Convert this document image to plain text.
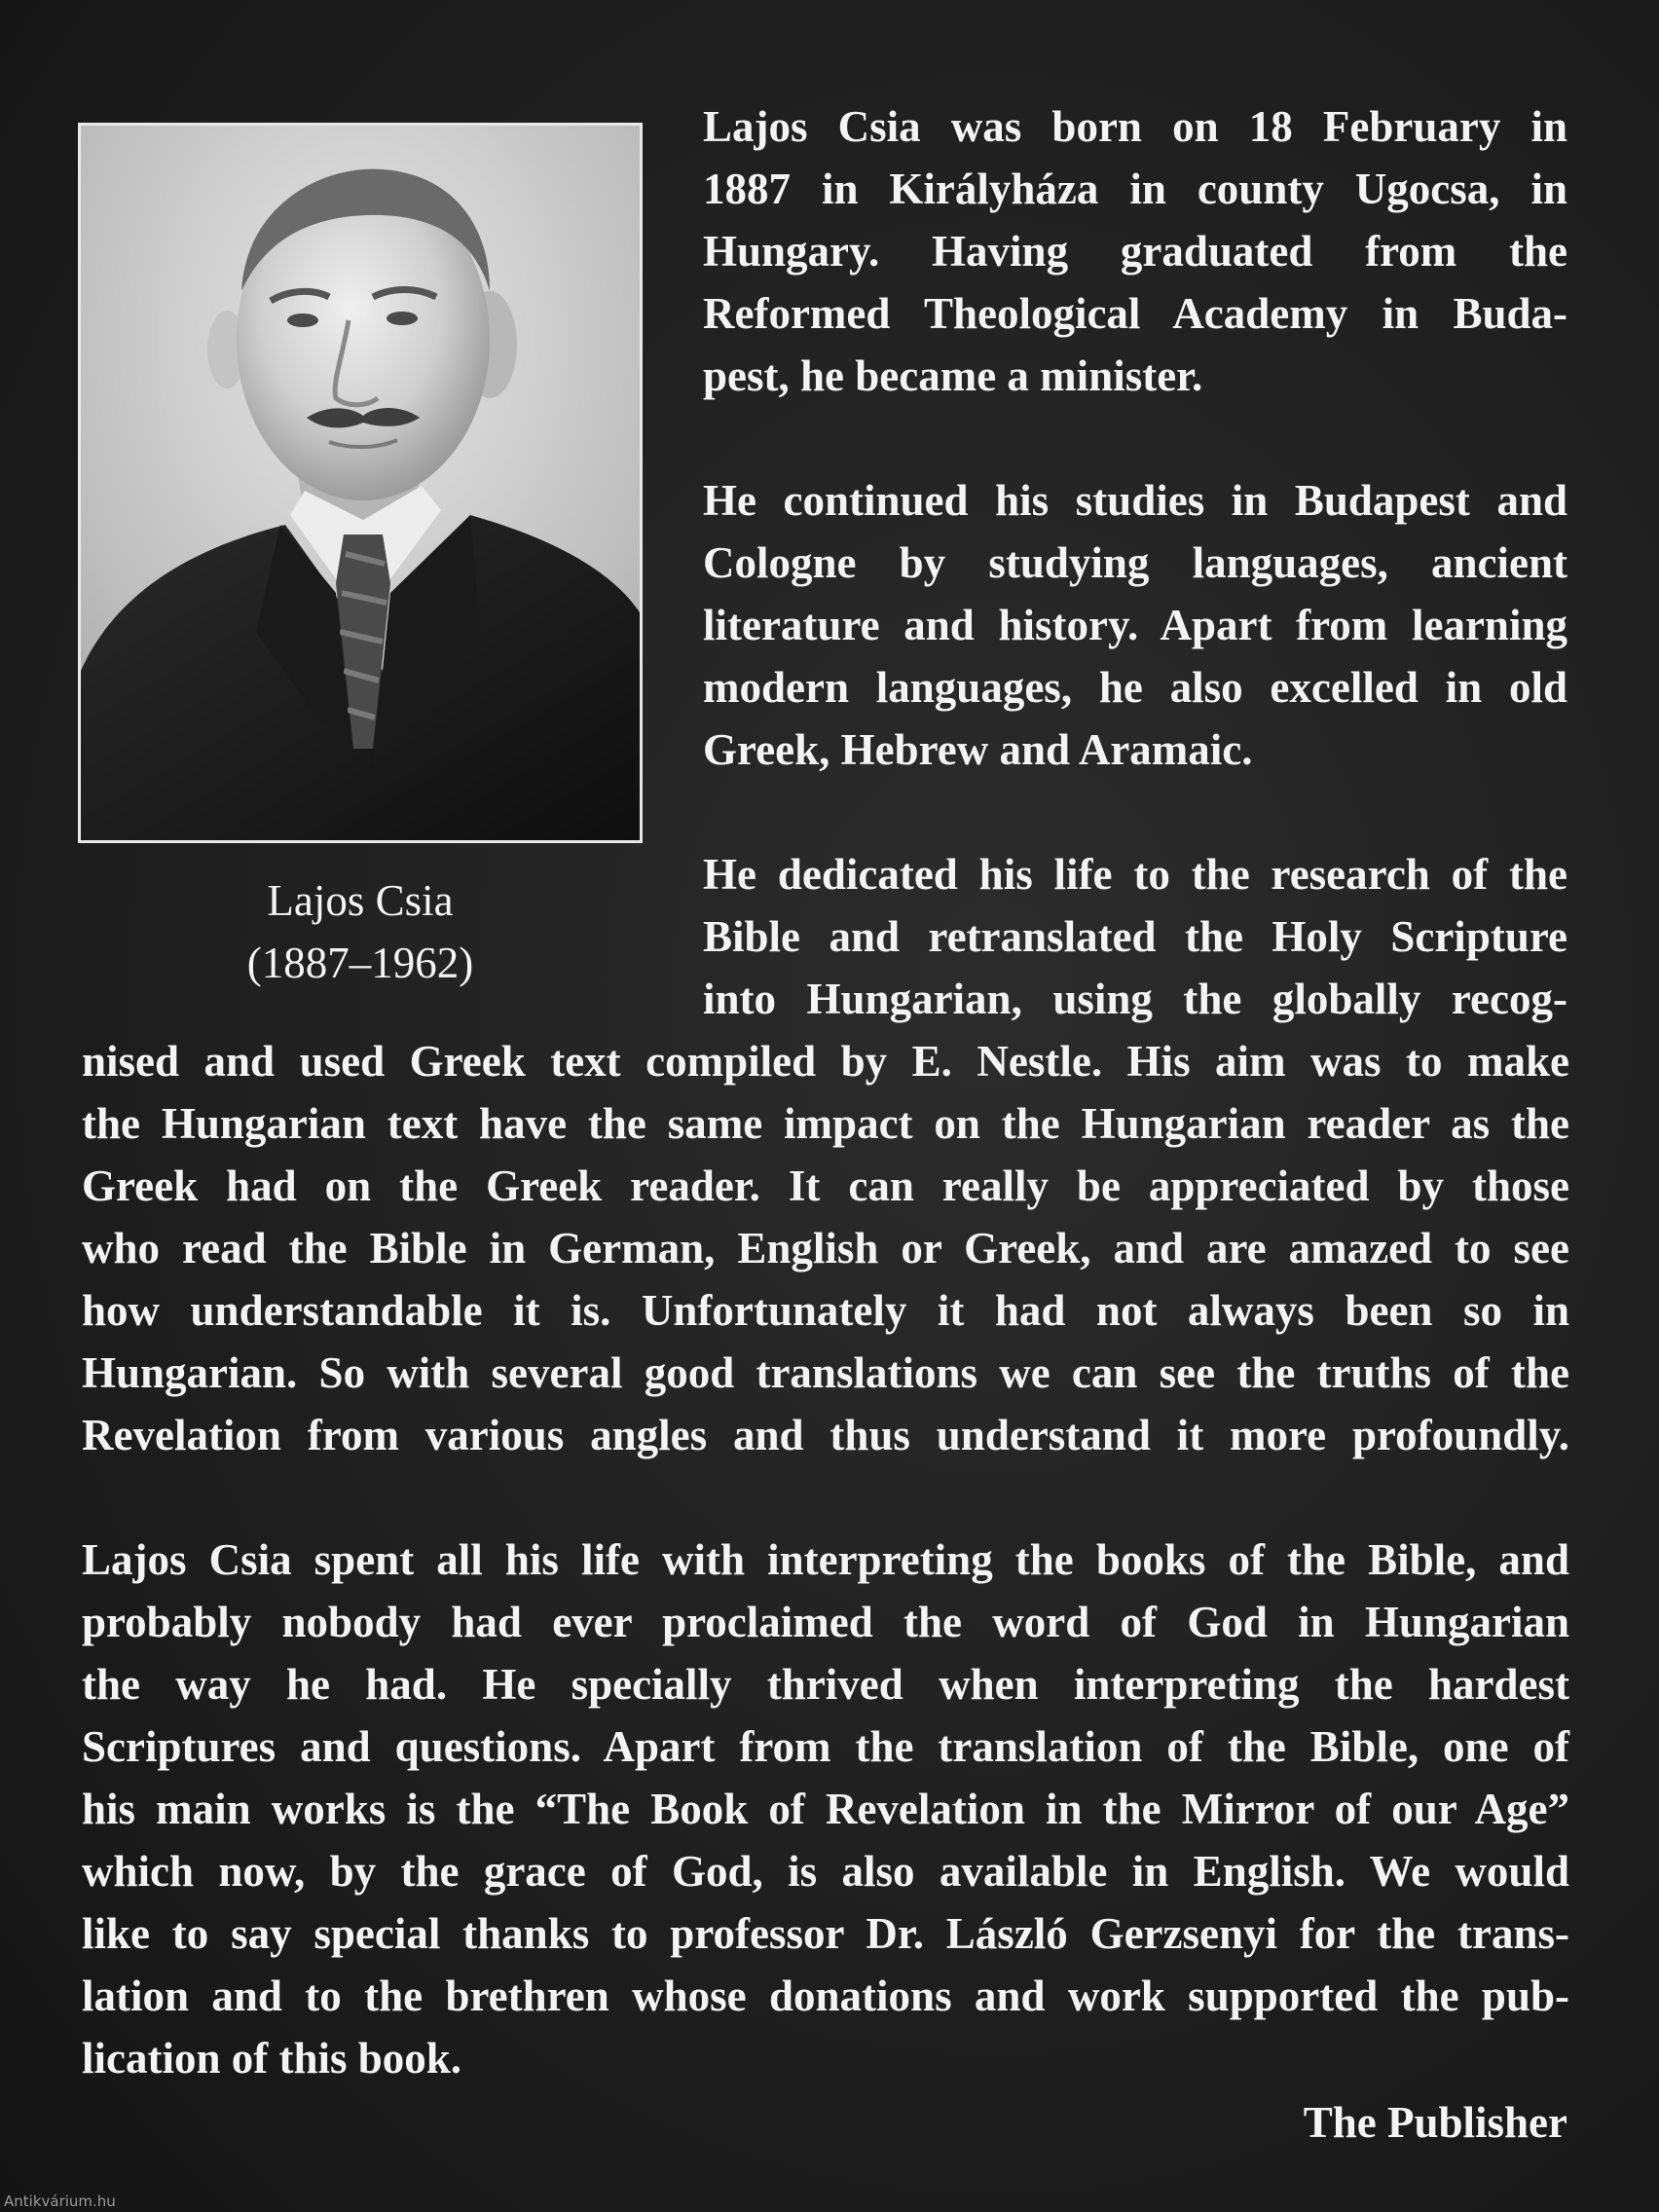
Lajos Csia
(1887–1962)
Lajos Csia was born on 18 February in
1887 in Királyháza in county Ugocsa, in
Hungary. Having graduated from the
Reformed Theological Academy in Buda-
pest, he became a minister.
He continued his studies in Budapest and
Cologne by studying languages, ancient
literature and history. Apart from learning
modern languages, he also excelled in old
Greek, Hebrew and Aramaic.
He dedicated his life to the research of the
Bible and retranslated the Holy Scripture
into Hungarian, using the globally recog-
nised and used Greek text compiled by E. Nestle. His aim was to make
the Hungarian text have the same impact on the Hungarian reader as the
Greek had on the Greek reader. It can really be appreciated by those
who read the Bible in German, English or Greek, and are amazed to see
how understandable it is. Unfortunately it had not always been so in
Hungarian. So with several good translations we can see the truths of the
Revelation from various angles and thus understand it more profoundly.
Lajos Csia spent all his life with interpreting the books of the Bible, and
probably nobody had ever proclaimed the word of God in Hungarian
the way he had. He specially thrived when interpreting the hardest
Scriptures and questions. Apart from the translation of the Bible, one of
his main works is the “The Book of Revelation in the Mirror of our Age”
which now, by the grace of God, is also available in English. We would
like to say special thanks to professor Dr. László Gerzsenyi for the trans-
lation and to the brethren whose donations and work supported the pub-
lication of this book.
The Publisher
Antikvárium.hu
